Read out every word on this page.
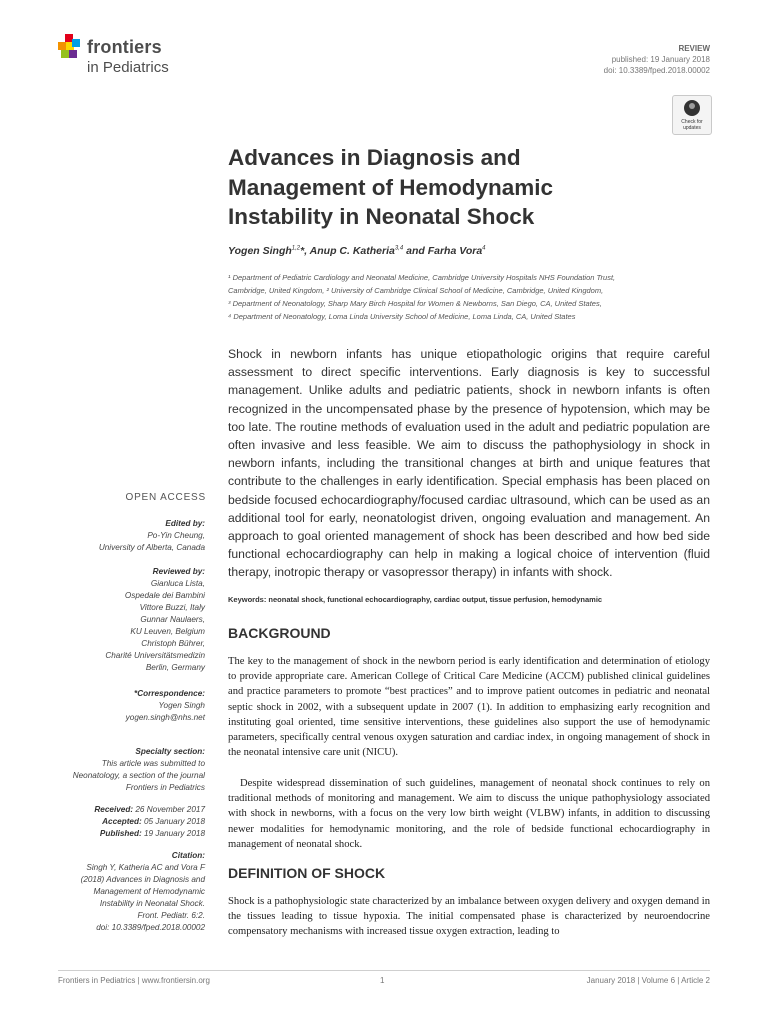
frontiers
in Pediatrics
REVIEW
published: 19 January 2018
doi: 10.3389/fped.2018.00002
Check for
updates
Advances in Diagnosis and
Management of Hemodynamic
Instability in Neonatal Shock
Yogen Singh$^{1,2}$*, Anup C. Katheria$^{3,4}$ and Farha Vora$^4$
¹ Department of Pediatric Cardiology and Neonatal Medicine, Cambridge University Hospitals NHS Foundation Trust,
Cambridge, United Kingdom, ² University of Cambridge Clinical School of Medicine, Cambridge, United Kingdom,
³ Department of Neonatology, Sharp Mary Birch Hospital for Women & Newborns, San Diego, CA, United States,
⁴ Department of Neonatology, Loma Linda University School of Medicine, Loma Linda, CA, United States
Shock in newborn infants has unique etiopathologic origins that require careful assessment to direct specific interventions. Early diagnosis is key to successful management. Unlike adults and pediatric patients, shock in newborn infants is often recognized in the uncompensated phase by the presence of hypotension, which may be too late. The routine methods of evaluation used in the adult and pediatric population are often invasive and less feasible. We aim to discuss the pathophysiology in shock in newborn infants, including the transitional changes at birth and unique features that contribute to the challenges in early identification. Special emphasis has been placed on bedside focused echocardiography/focused cardiac ultrasound, which can be used as an additional tool for early, neonatologist driven, ongoing evaluation and management. An approach to goal oriented management of shock has been described and how bed side functional echocardiography can help in making a logical choice of intervention (fluid therapy, inotropic therapy or vasopressor therapy) in infants with shock.
Keywords: neonatal shock, functional echocardiography, cardiac output, tissue perfusion, hemodynamic
BACKGROUND
The key to the management of shock in the newborn period is early identification and determination of etiology to provide appropriate care. American College of Critical Care Medicine (ACCM) published clinical guidelines and practice parameters to promote “best practices” and to improve patient outcomes in pediatric and neonatal septic shock in 2002, with a subsequent update in 2007 (1). In addition to emphasizing early recognition and instituting goal oriented, time sensitive interventions, these guidelines also support the use of hemodynamic parameters, specifically central venous oxygen saturation and cardiac index, in ongoing management of shock in the neonatal intensive care unit (NICU).
Despite widespread dissemination of such guidelines, management of neonatal shock continues to rely on traditional methods of monitoring and management. We aim to discuss the unique pathophysiology associated with shock in newborns, with a focus on the very low birth weight (VLBW) infants, in addition to discussing newer modalities for hemodynamic monitoring, and the role of bedside functional echocardiography in management of neonatal shock.
DEFINITION OF SHOCK
Shock is a pathophysiologic state characterized by an imbalance between oxygen delivery and oxygen demand in the tissues leading to tissue hypoxia. The initial compensated phase is characterized by neuroendocrine compensatory mechanisms with increased tissue oxygen extraction, leading to
OPEN ACCESS
Edited by:
Po-Yin Cheung,
University of Alberta, Canada
Reviewed by:
Gianluca Lista,
Ospedale dei Bambini
Vittore Buzzi, Italy
Gunnar Naulaers,
KU Leuven, Belgium
Christoph Bührer,
Charité Universitätsmedizin
Berlin, Germany
*Correspondence:
Yogen Singh
yogen.singh@nhs.net
Specialty section:
This article was submitted to
Neonatology, a section of the journal
Frontiers in Pediatrics
Received: 26 November 2017
Accepted: 05 January 2018
Published: 19 January 2018
Citation:
Singh Y, Katheria AC and Vora F
(2018) Advances in Diagnosis and
Management of Hemodynamic
Instability in Neonatal Shock.
Front. Pediatr. 6:2.
doi: 10.3389/fped.2018.00002
Frontiers in Pediatrics | www.frontiersin.org	1	January 2018 | Volume 6 | Article 2
